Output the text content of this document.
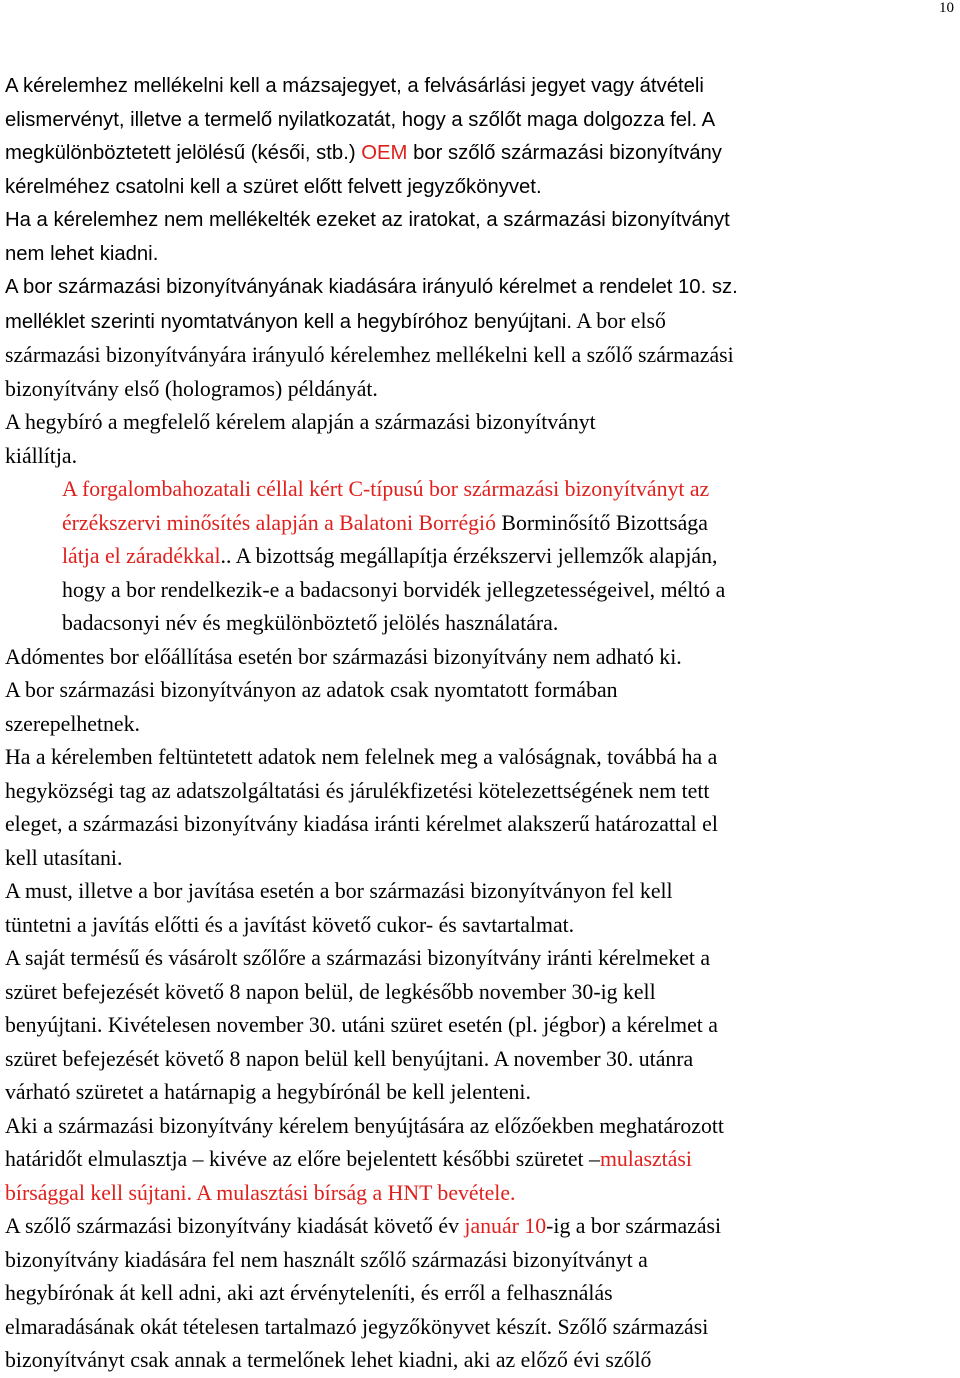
10

A kérelemhez mellékelni kell a mázsajegyet, a felvásárlási jegyet vagy átvételi
elismervényt, illetve a termelő nyilatkozatát, hogy a szőlőt maga dolgozza fel. A
megkülönböztetett jelölésű (késői, stb.) OEM bor szőlő származási bizonyítvány
kérelméhez csatolni kell a szüret előtt felvett jegyzőkönyvet.

Ha a kérelemhez nem mellékelték ezeket az iratokat, a származási bizonyítványt
nem lehet kiadni.

A bor származási bizonyítványának kiadására irányuló kérelmet a rendelet 10. sz.
melléklet szerinti nyomtatványon kell a hegybíróhoz benyújtani. A bor első

származási bizonyítványára irányuló kérelemhez mellékelni kell a szőlő származási
bizonyítvány első (hologramos) példányát.

A hegybíró a megfelelő kérelem alapján a származási bizonyítványt
kiállítja.

A forgalombahozatali céllal kért C-típusú bor származási bizonyítványt az
érzékszervi minősítés alapján a Balatoni Borrégió Borminősítő Bizottsága
látja el záradékkal.. A bizottság megállapítja érzékszervi jellemzők alapján,
hogy a bor rendelkezik-e a badacsonyi borvidék jellegzetességeivel, méltó a
badacsonyi név és megkülönböztető jelölés használatára.

Adómentes bor előállítása esetén bor származási bizonyítvány nem adható ki.

A bor származási bizonyítványon az adatok csak nyomtatott formában
szerepelhetnek.

Ha a kérelemben feltüntetett adatok nem felelnek meg a valóságnak, továbbá ha a
hegyközségi tag az adatszolgáltatási és járulékfizetési kötelezettségének nem tett
eleget, a származási bizonyítvány kiadása iránti kérelmet alakszerű határozattal el
kell utasítani.

A must, illetve a bor javítása esetén a bor származási bizonyítványon fel kell
tüntetni a javítás előtti és a javítást követő cukor- és savtartalmat.

A saját termésű és vásárolt szőlőre a származási bizonyítvány iránti kérelmeket a
szüret befejezését követő 8 napon belül, de legkésőbb november 30-ig kell
benyújtani. Kivételesen november 30. utáni szüret esetén (pl. jégbor) a kérelmet a
szüret befejezését követő 8 napon belül kell benyújtani. A november 30. utánra
várható szüretet a határnapig a hegybírónál be kell jelenteni.

Aki a származási bizonyítvány kérelem benyújtására az előzőekben meghatározott
határidőt elmulasztja – kivéve az előre bejelentett későbbi szüretet –mulasztási
bírsággal kell sújtani. A mulasztási bírság a HNT bevétele.

A szőlő származási bizonyítvány kiadását követő év január 10-ig a bor származási
bizonyítvány kiadására fel nem használt szőlő származási bizonyítványt a
hegybírónak át kell adni, aki azt érvényteleníti, és erről a felhasználás
elmaradásának okát tételesen tartalmazó jegyzőkönyvet készít. Szőlő származási
bizonyítványt csak annak a termelőnek lehet kiadni, aki az előző évi szőlő
